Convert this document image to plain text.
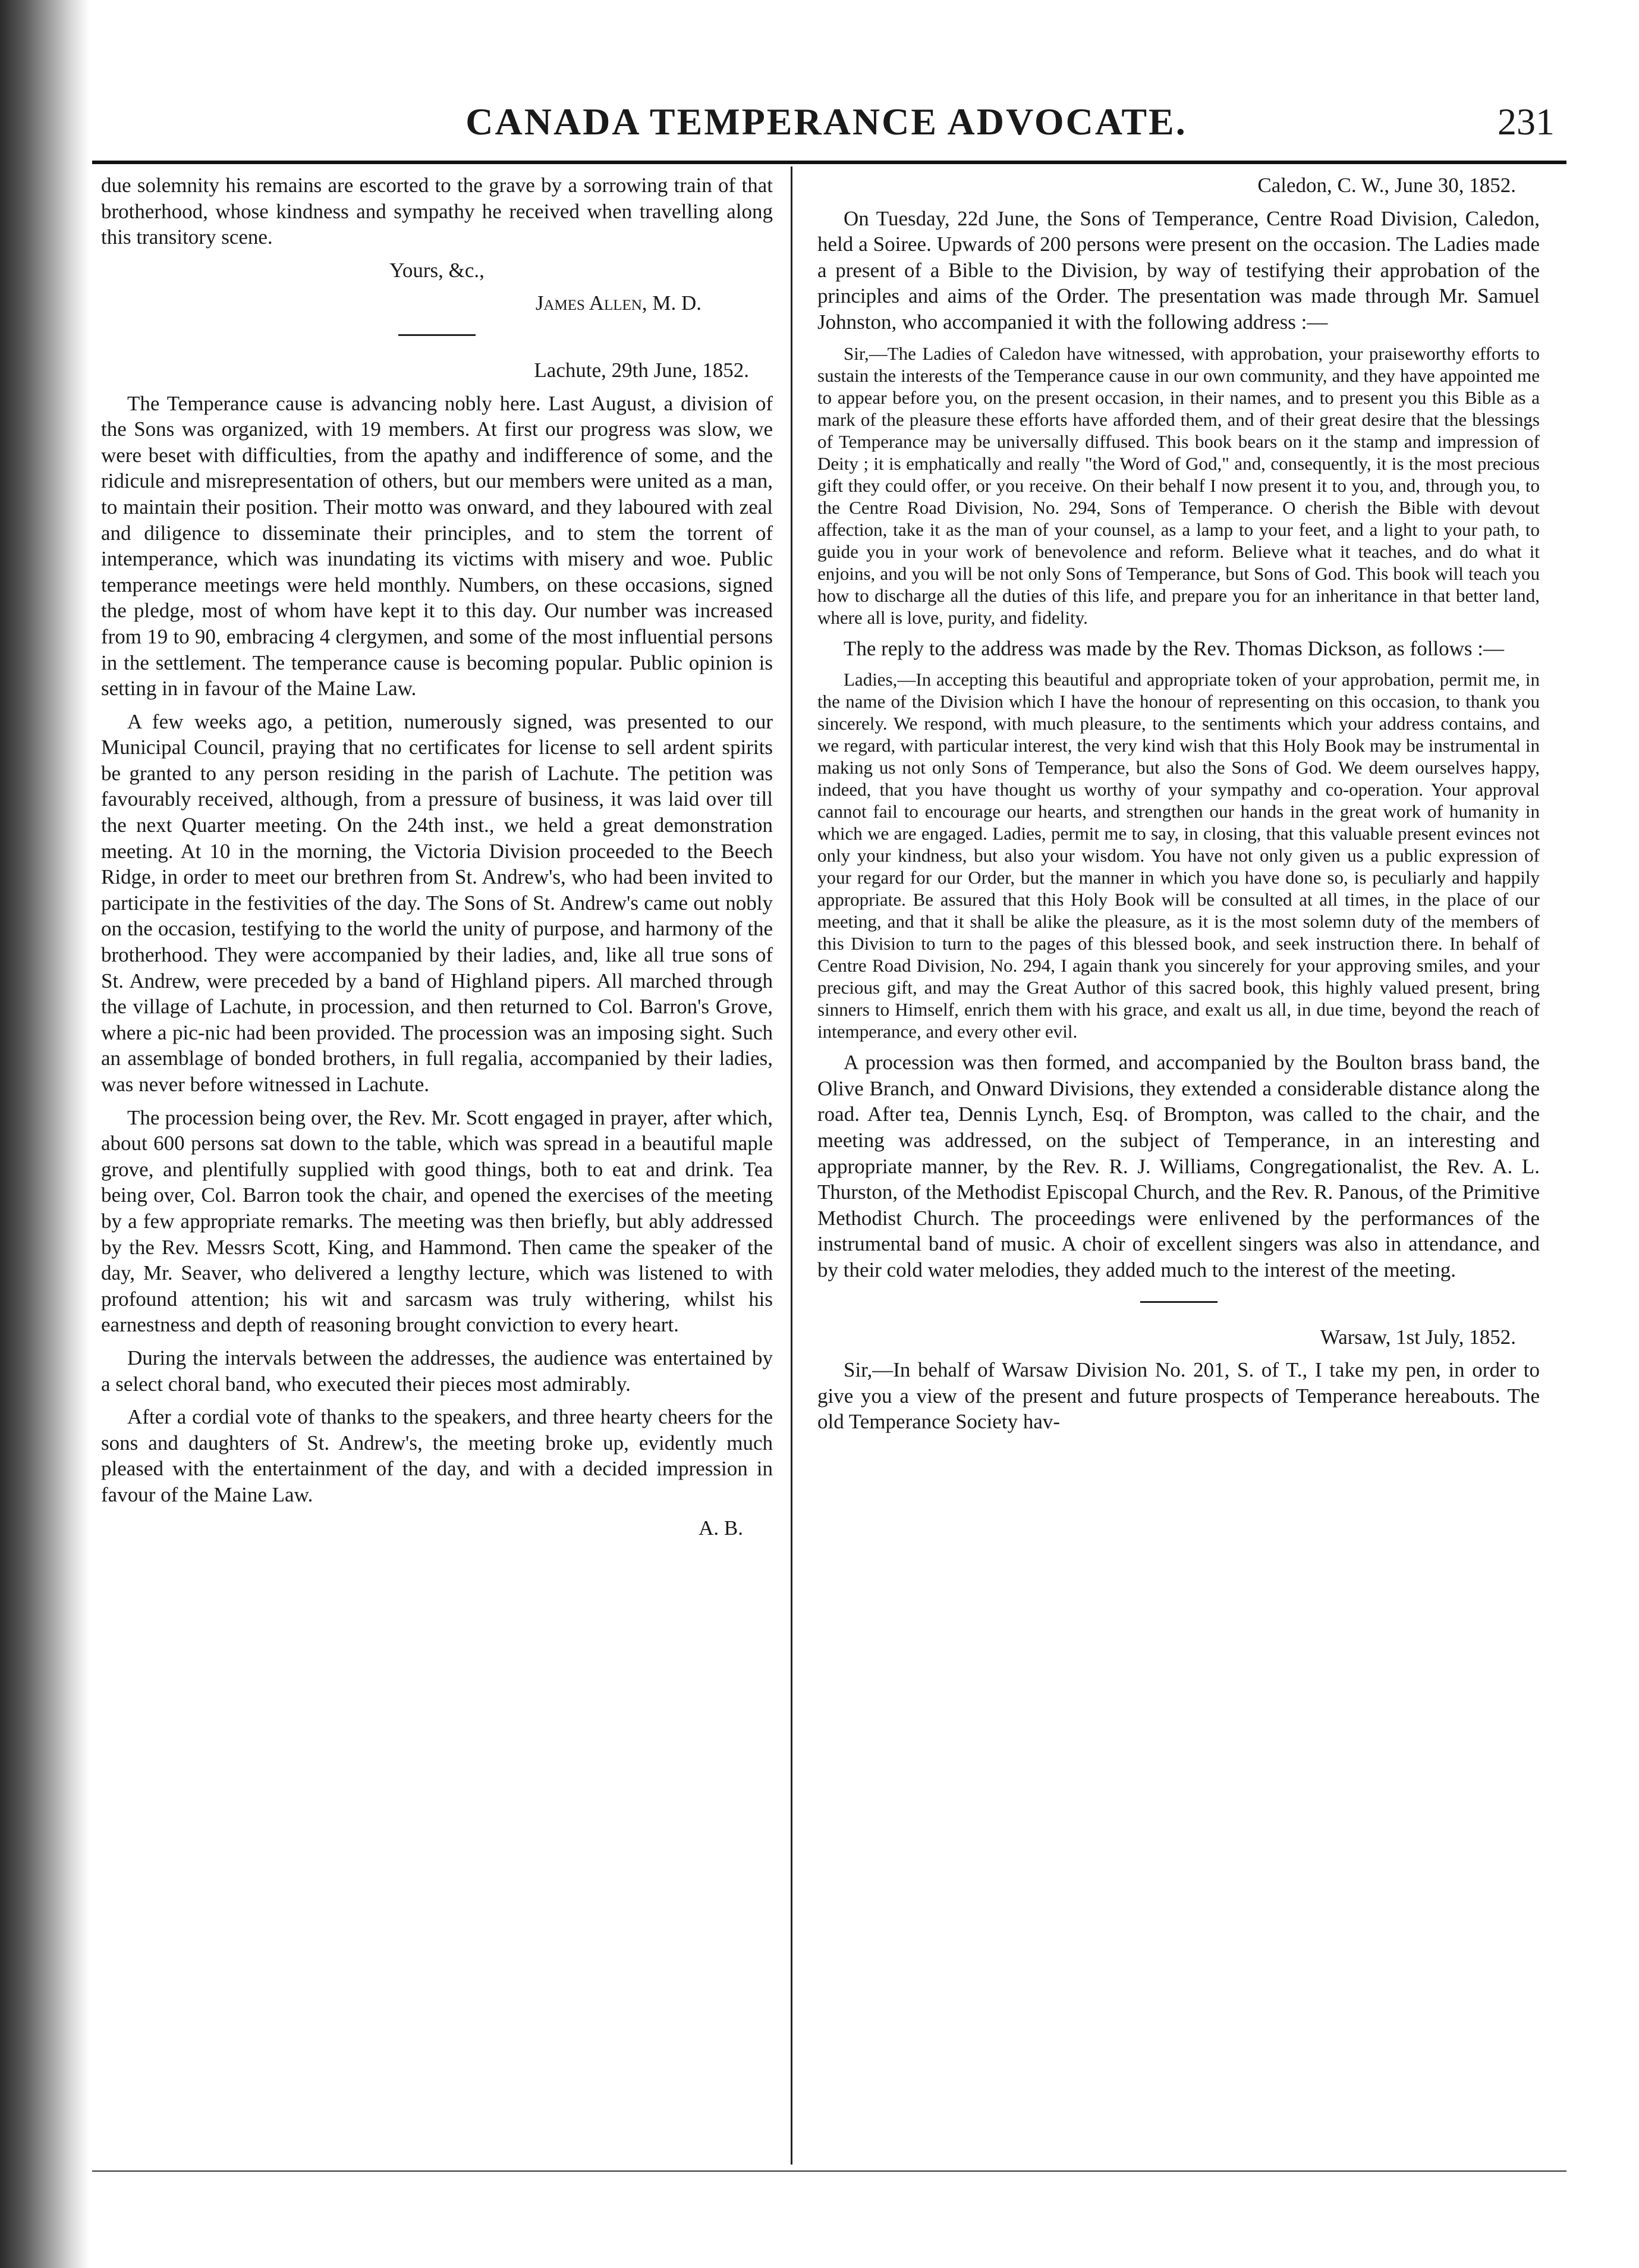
CANADA TEMPERANCE ADVOCATE.	231

due solemnity his remains are escorted to the grave by a sorrowing train of that brotherhood, whose kindness and sympathy he received when travelling along this transitory scene.

Yours, &c.,

James Allen, M. D.

Lachute, 29th June, 1852.

The Temperance cause is advancing nobly here. Last August, a division of the Sons was organized, with 19 members. At first our progress was slow, we were beset with difficulties, from the apathy and indifference of some, and the ridicule and misrepresentation of others, but our members were united as a man, to maintain their position. Their motto was onward, and they laboured with zeal and diligence to disseminate their principles, and to stem the torrent of intemperance, which was inundating its victims with misery and woe. Public temperance meetings were held monthly. Numbers, on these occasions, signed the pledge, most of whom have kept it to this day. Our number was increased from 19 to 90, embracing 4 clergymen, and some of the most influential persons in the settlement. The temperance cause is becoming popular. Public opinion is setting in in favour of the Maine Law.

A few weeks ago, a petition, numerously signed, was presented to our Municipal Council, praying that no certificates for license to sell ardent spirits be granted to any person residing in the parish of Lachute. The petition was favourably received, although, from a pressure of business, it was laid over till the next Quarter meeting. On the 24th inst., we held a great demonstration meeting. At 10 in the morning, the Victoria Division proceeded to the Beech Ridge, in order to meet our brethren from St. Andrew's, who had been invited to participate in the festivities of the day. The Sons of St. Andrew's came out nobly on the occasion, testifying to the world the unity of purpose, and harmony of the brotherhood. They were accompanied by their ladies, and, like all true sons of St. Andrew, were preceded by a band of Highland pipers. All marched through the village of Lachute, in procession, and then returned to Col. Barron's Grove, where a pic-nic had been provided. The procession was an imposing sight. Such an assemblage of bonded brothers, in full regalia, accompanied by their ladies, was never before witnessed in Lachute.

The procession being over, the Rev. Mr. Scott engaged in prayer, after which, about 600 persons sat down to the table, which was spread in a beautiful maple grove, and plentifully supplied with good things, both to eat and drink. Tea being over, Col. Barron took the chair, and opened the exercises of the meeting by a few appropriate remarks. The meeting was then briefly, but ably addressed by the Rev. Messrs Scott, King, and Hammond. Then came the speaker of the day, Mr. Seaver, who delivered a lengthy lecture, which was listened to with profound attention; his wit and sarcasm was truly withering, whilst his earnestness and depth of reasoning brought conviction to every heart.

During the intervals between the addresses, the audience was entertained by a select choral band, who executed their pieces most admirably.

After a cordial vote of thanks to the speakers, and three hearty cheers for the sons and daughters of St. Andrew's, the meeting broke up, evidently much pleased with the entertainment of the day, and with a decided impression in favour of the Maine Law.

A. B.

Caledon, C. W., June 30, 1852.

On Tuesday, 22d June, the Sons of Temperance, Centre Road Division, Caledon, held a Soiree. Upwards of 200 persons were present on the occasion. The Ladies made a present of a Bible to the Division, by way of testifying their approbation of the principles and aims of the Order. The presentation was made through Mr. Samuel Johnston, who accompanied it with the following address :—

Sir,—The Ladies of Caledon have witnessed, with approbation, your praiseworthy efforts to sustain the interests of the Temperance cause in our own community, and they have appointed me to appear before you, on the present occasion, in their names, and to present you this Bible as a mark of the pleasure these efforts have afforded them, and of their great desire that the blessings of Temperance may be universally diffused. This book bears on it the stamp and impression of Deity ; it is emphatically and really "the Word of God," and, consequently, it is the most precious gift they could offer, or you receive. On their behalf I now present it to you, and, through you, to the Centre Road Division, No. 294, Sons of Temperance. O cherish the Bible with devout affection, take it as the man of your counsel, as a lamp to your feet, and a light to your path, to guide you in your work of benevolence and reform. Believe what it teaches, and do what it enjoins, and you will be not only Sons of Temperance, but Sons of God. This book will teach you how to discharge all the duties of this life, and prepare you for an inheritance in that better land, where all is love, purity, and fidelity.

The reply to the address was made by the Rev. Thomas Dickson, as follows :—

Ladies,—In accepting this beautiful and appropriate token of your approbation, permit me, in the name of the Division which I have the honour of representing on this occasion, to thank you sincerely. We respond, with much pleasure, to the sentiments which your address contains, and we regard, with particular interest, the very kind wish that this Holy Book may be instrumental in making us not only Sons of Temperance, but also the Sons of God. We deem ourselves happy, indeed, that you have thought us worthy of your sympathy and co-operation. Your approval cannot fail to encourage our hearts, and strengthen our hands in the great work of humanity in which we are engaged. Ladies, permit me to say, in closing, that this valuable present evinces not only your kindness, but also your wisdom. You have not only given us a public expression of your regard for our Order, but the manner in which you have done so, is peculiarly and happily appropriate. Be assured that this Holy Book will be consulted at all times, in the place of our meeting, and that it shall be alike the pleasure, as it is the most solemn duty of the members of this Division to turn to the pages of this blessed book, and seek instruction there. In behalf of Centre Road Division, No. 294, I again thank you sincerely for your approving smiles, and your precious gift, and may the Great Author of this sacred book, this highly valued present, bring sinners to Himself, enrich them with his grace, and exalt us all, in due time, beyond the reach of intemperance, and every other evil.

A procession was then formed, and accompanied by the Boulton brass band, the Olive Branch, and Onward Divisions, they extended a considerable distance along the road. After tea, Dennis Lynch, Esq. of Brompton, was called to the chair, and the meeting was addressed, on the subject of Temperance, in an interesting and appropriate manner, by the Rev. R. J. Williams, Congregationalist, the Rev. A. L. Thurston, of the Methodist Episcopal Church, and the Rev. R. Panous, of the Primitive Methodist Church. The proceedings were enlivened by the performances of the instrumental band of music. A choir of excellent singers was also in attendance, and by their cold water melodies, they added much to the interest of the meeting.

Warsaw, 1st July, 1852.

Sir,—In behalf of Warsaw Division No. 201, S. of T., I take my pen, in order to give you a view of the present and future prospects of Temperance hereabouts. The old Temperance Society hav-
